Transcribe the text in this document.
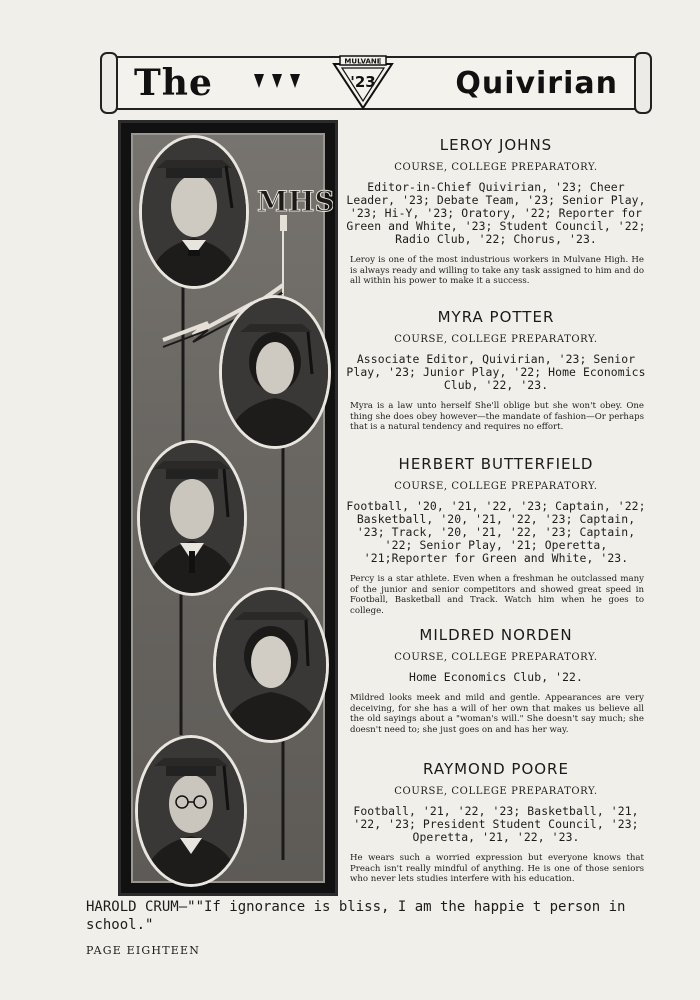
The
MULVANE
'23	Quivirian
MHS
LEROY JOHNS
COURSE, COLLEGE PREPARATORY.
Editor-in-Chief Quivirian, '23; Cheer Leader, '23; Debate Team, '23; Senior Play, '23; Hi-Y, '23; Oratory, '22; Reporter for Green and White, '23; Student Council, '22; Radio Club, '22; Chorus, '23.
Leroy is one of the most industrious workers in Mulvane High. He is always ready and willing to take any task assigned to him and do all within his power to make it a success.
MYRA POTTER
COURSE, COLLEGE PREPARATORY.
Associate Editor, Quivirian, '23; Senior Play, '23; Junior Play, '22; Home Economics Club, '22, '23.
Myra is a law unto herself She'll oblige but she won't obey. One thing she does obey however—the mandate of fashion—Or perhaps that is a natural tendency and requires no effort.
HERBERT BUTTERFIELD
COURSE, COLLEGE PREPARATORY.
Football, '20, '21, '22, '23; Captain, '22; Basketball, '20, '21, '22, '23; Captain, '23; Track, '20, '21, '22, '23; Captain, '22; Senior Play, '21; Operetta, '21;Reporter for Green and White, '23.
Percy is a star athlete. Even when a freshman he outclassed many of the junior and senior competitors and showed great speed in Football, Basketball and Track. Watch him when he goes to college.
MILDRED NORDEN
COURSE, COLLEGE PREPARATORY.
Home Economics Club, '22.
Mildred looks meek and mild and gentle. Appearances are very deceiving, for she has a will of her own that makes us believe all the old sayings about a "woman's will." She doesn't say much; she doesn't need to; she just goes on and has her way.
RAYMOND POORE
COURSE, COLLEGE PREPARATORY.
Football, '21, '22, '23; Basketball, '21, '22, '23; President Student Council, '23; Operetta, '21, '22, '23.
He wears such a worried expression but everyone knows that Preach isn't really mindful of anything. He is one of those seniors who never lets studies interfere with his education.
HAROLD CRUM—""If ignorance is bliss, I am the happie t person in school."
PAGE EIGHTEEN
